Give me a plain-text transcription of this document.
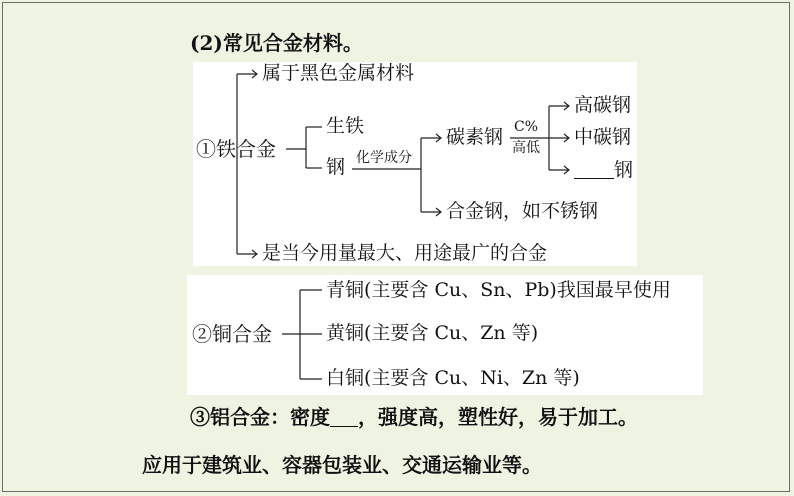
(2)常见合金材料。
属于黑色金属材料
①铁合金
生铁
钢 化学成分
碳素钢 C%
高低
高碳钢
中碳钢
钢
合金钢，如不锈钢
是当今用量最大、用途最广的合金
②铜合金
青铜(主要含 Cu、Sn、Pb)我国最早使用
黄铜(主要含 Cu、Zn 等)
白铜(主要含 Cu、Ni、Zn 等)
③铝合金：密度 ，强度高，塑性好，易于加工。
应用于建筑业、容器包装业、交通运输业等。
